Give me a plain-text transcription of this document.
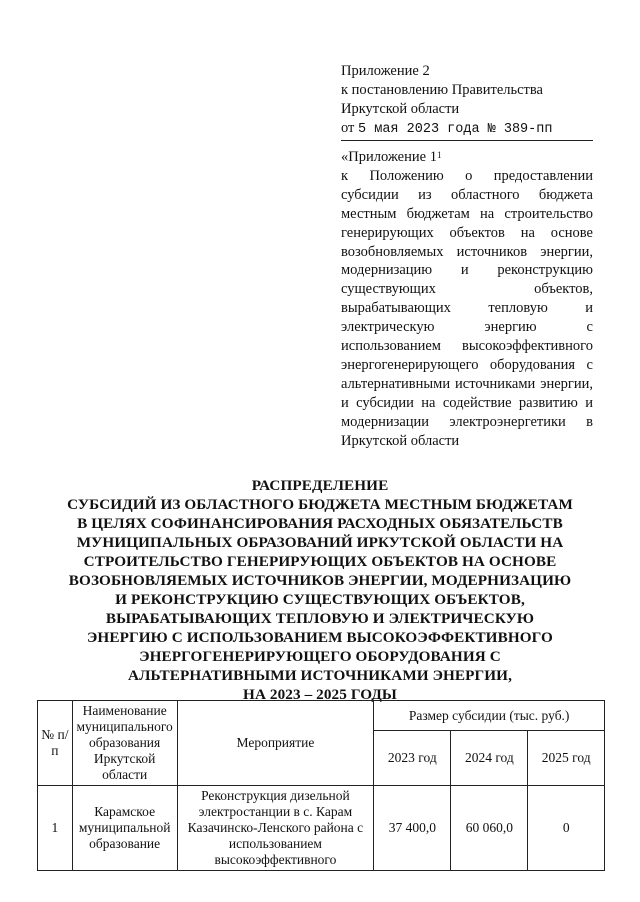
Приложение 2
к постановлению Правительства
Иркутской области
от 5 мая 2023 года № 389-пп
«Приложение $1^1$
к Положению о предоставлении субсидии из областного бюджета местным бюджетам на строительство генерирующих объектов на основе возобновляемых источников энергии, модернизацию и реконструкцию существующих объектов, вырабатывающих тепловую и электрическую энергию с использованием высокоэффективного энергогенерирующего оборудования с альтернативными источниками энергии, и субсидии на содействие развитию и модернизации электроэнергетики в Иркутской области
РАСПРЕДЕЛЕНИЕ
СУБСИДИЙ ИЗ ОБЛАСТНОГО БЮДЖЕТА МЕСТНЫМ БЮДЖЕТАМ
В ЦЕЛЯХ СОФИНАНСИРОВАНИЯ РАСХОДНЫХ ОБЯЗАТЕЛЬСТВ
МУНИЦИПАЛЬНЫХ ОБРАЗОВАНИЙ ИРКУТСКОЙ ОБЛАСТИ НА
СТРОИТЕЛЬСТВО ГЕНЕРИРУЮЩИХ ОБЪЕКТОВ НА ОСНОВЕ
ВОЗОБНОВЛЯЕМЫХ ИСТОЧНИКОВ ЭНЕРГИИ, МОДЕРНИЗАЦИЮ
И РЕКОНСТРУКЦИЮ СУЩЕСТВУЮЩИХ ОБЪЕКТОВ,
ВЫРАБАТЫВАЮЩИХ ТЕПЛОВУЮ И ЭЛЕКТРИЧЕСКУЮ
ЭНЕРГИЮ С ИСПОЛЬЗОВАНИЕМ ВЫСОКОЭФФЕКТИВНОГО
ЭНЕРГОГЕНЕРИРУЮЩЕГО ОБОРУДОВАНИЯ С
АЛЬТЕРНАТИВНЫМИ ИСТОЧНИКАМИ ЭНЕРГИИ,
НА 2023 – 2025 ГОДЫ
№ п/п	Наименование муниципального образования Иркутской области	Мероприятие	Размер субсидии (тыс. руб.)		
			2023 год	2024 год	2025 год
1	Карамское муниципальной образование	Реконструкция дизельной электростанции в с. Карам Казачинско-Ленского района с использованием высокоэффективного	37 400,0	60 060,0	0
